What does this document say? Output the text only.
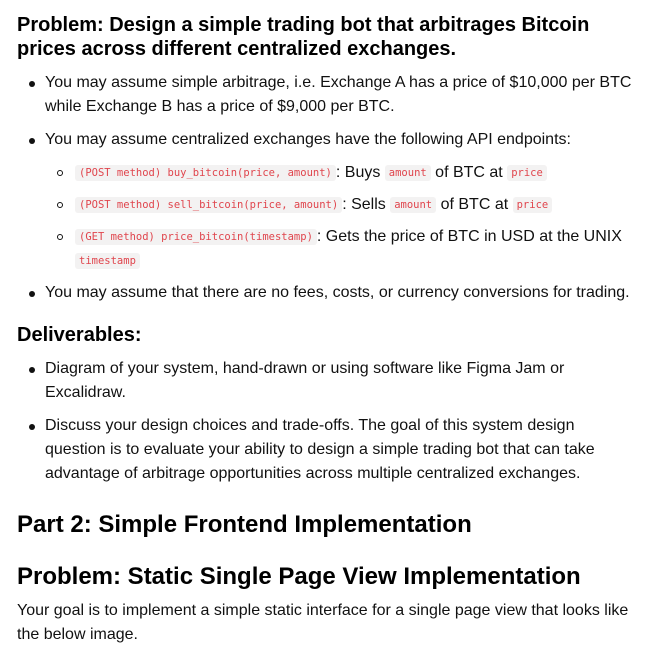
Problem: Design a simple trading bot that arbitrages Bitcoin prices across different centralized exchanges.
You may assume simple arbitrage, i.e. Exchange A has a price of $10,000 per BTC while Exchange B has a price of $9,000 per BTC.
You may assume centralized exchanges have the following API endpoints:
(POST method) buy_bitcoin(price, amount) : Buys amount of BTC at price
(POST method) sell_bitcoin(price, amount) : Sells amount of BTC at price
(GET method) price_bitcoin(timestamp) : Gets the price of BTC in USD at the UNIX timestamp
You may assume that there are no fees, costs, or currency conversions for trading.
Deliverables:
Diagram of your system, hand-drawn or using software like Figma Jam or Excalidraw.
Discuss your design choices and trade-offs. The goal of this system design question is to evaluate your ability to design a simple trading bot that can take advantage of arbitrage opportunities across multiple centralized exchanges.
Part 2: Simple Frontend Implementation
Problem: Static Single Page View Implementation

Your goal is to implement a simple static interface for a single page view that looks like the below image.
